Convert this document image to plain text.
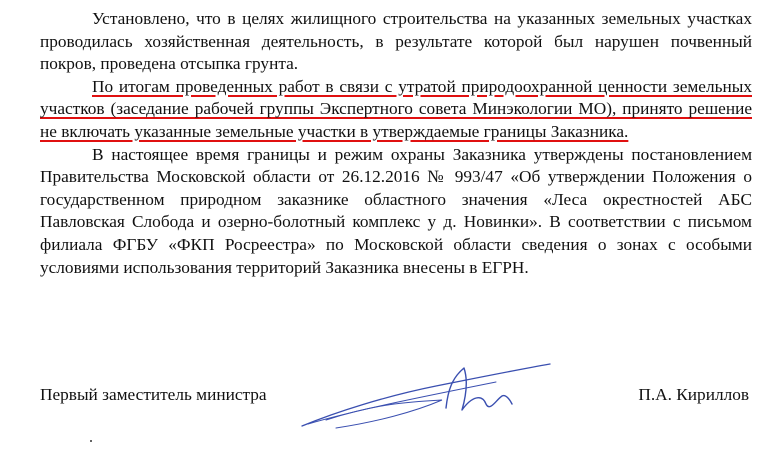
Установлено, что в целях жилищного строительства на указанных земельных участках проводилась хозяйственная деятельность, в результате которой был нарушен почвенный покров, проведена отсыпка грунта.

По итогам проведенных работ в связи с утратой природоохранной ценности земельных участков (заседание рабочей группы Экспертного совета Минэкологии МО), принято решение не включать указанные земельные участки в утверждаемые границы Заказника.

В настоящее время границы и режим охраны Заказника утверждены постановлением Правительства Московской области от 26.12.2016 № 993/47 «Об утверждении Положения о государственном природном заказнике областного значения «Леса окрестностей АБС Павловская Слобода и озерно-болотный комплекс у д. Новинки». В соответствии с письмом филиала ФГБУ «ФКП Росреестра» по Московской области сведения о зонах с особыми условиями использования территорий Заказника внесены в ЕГРН.

Первый заместитель министра	П.А. Кириллов
